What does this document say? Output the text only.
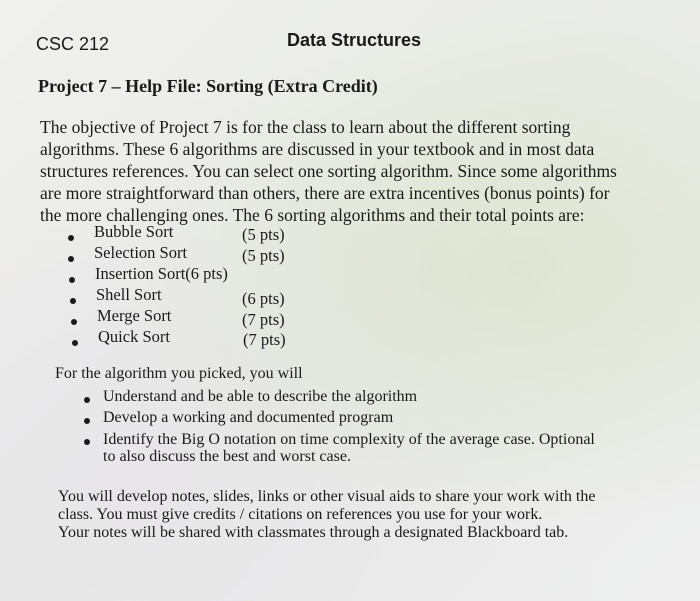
CSC 212	Data Structures
Project 7 – Help File: Sorting (Extra Credit)
The objective of Project 7 is for the class to learn about the different sorting
algorithms. These 6 algorithms are discussed in your textbook and in most data
structures references. You can select one sorting algorithm. Since some algorithms
are more straightforward than others, there are extra incentives (bonus points) for
the more challenging ones. The 6 sorting algorithms and their total points are:
Bubble Sort	(5 pts)
Selection Sort	(5 pts)
Insertion Sort(6 pts)
Shell Sort	(6 pts)
Merge Sort	(7 pts)
Quick Sort	(7 pts)
For the algorithm you picked, you will
Understand and be able to describe the algorithm
Develop a working and documented program
Identify the Big O notation on time complexity of the average case. Optional
to also discuss the best and worst case.
You will develop notes, slides, links or other visual aids to share your work with the
class. You must give credits / citations on references you use for your work.
Your notes will be shared with classmates through a designated Blackboard tab.
